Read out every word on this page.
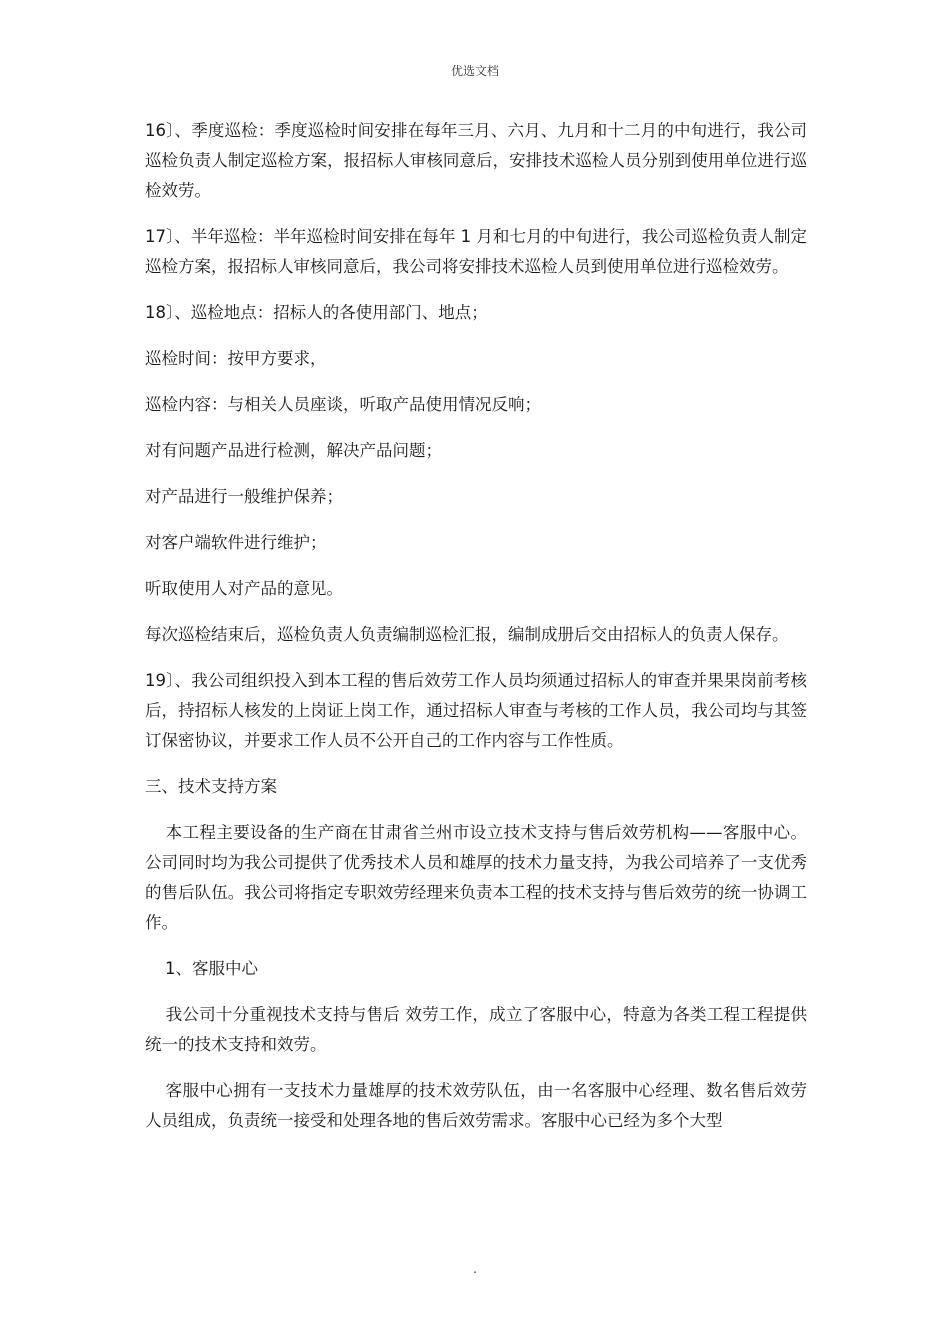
优选文档

16〕、季度巡检：季度巡检时间安排在每年三月、六月、九月和十二月的中旬进行，我公司巡检负责人制定巡检方案，报招标人审核同意后，安排技术巡检人员分别到使用单位进行巡检效劳。

17〕、半年巡检：半年巡检时间安排在每年 1 月和七月的中旬进行，我公司巡检负责人制定巡检方案，报招标人审核同意后，我公司将安排技术巡检人员到使用单位进行巡检效劳。

18〕、巡检地点：招标人的各使用部门、地点；

巡检时间：按甲方要求，

巡检内容：与相关人员座谈，听取产品使用情况反响；

对有问题产品进行检测，解决产品问题；

对产品进行一般维护保养；

对客户端软件进行维护；

听取使用人对产品的意见。

每次巡检结束后，巡检负责人负责编制巡检汇报，编制成册后交由招标人的负责人保存。

19〕、我公司组织投入到本工程的售后效劳工作人员均须通过招标人的审查并果果岗前考核后，持招标人核发的上岗证上岗工作，通过招标人审查与考核的工作人员，我公司均与其签订保密协议，并要求工作人员不公开自己的工作内容与工作性质。

三、技术支持方案

本工程主要设备的生产商在甘肃省兰州市设立技术支持与售后效劳机构——客服中心。公司同时均为我公司提供了优秀技术人员和雄厚的技术力量支持，为我公司培养了一支优秀的售后队伍。我公司将指定专职效劳经理来负责本工程的技术支持与售后效劳的统一协调工作。

1、客服中心

我公司十分重视技术支持与售后 效劳工作，成立了客服中心，特意为各类工程工程提供统一的技术支持和效劳。

客服中心拥有一支技术力量雄厚的技术效劳队伍，由一名客服中心经理、数名售后效劳人员组成，负责统一接受和处理各地的售后效劳需求。客服中心已经为多个大型

.
